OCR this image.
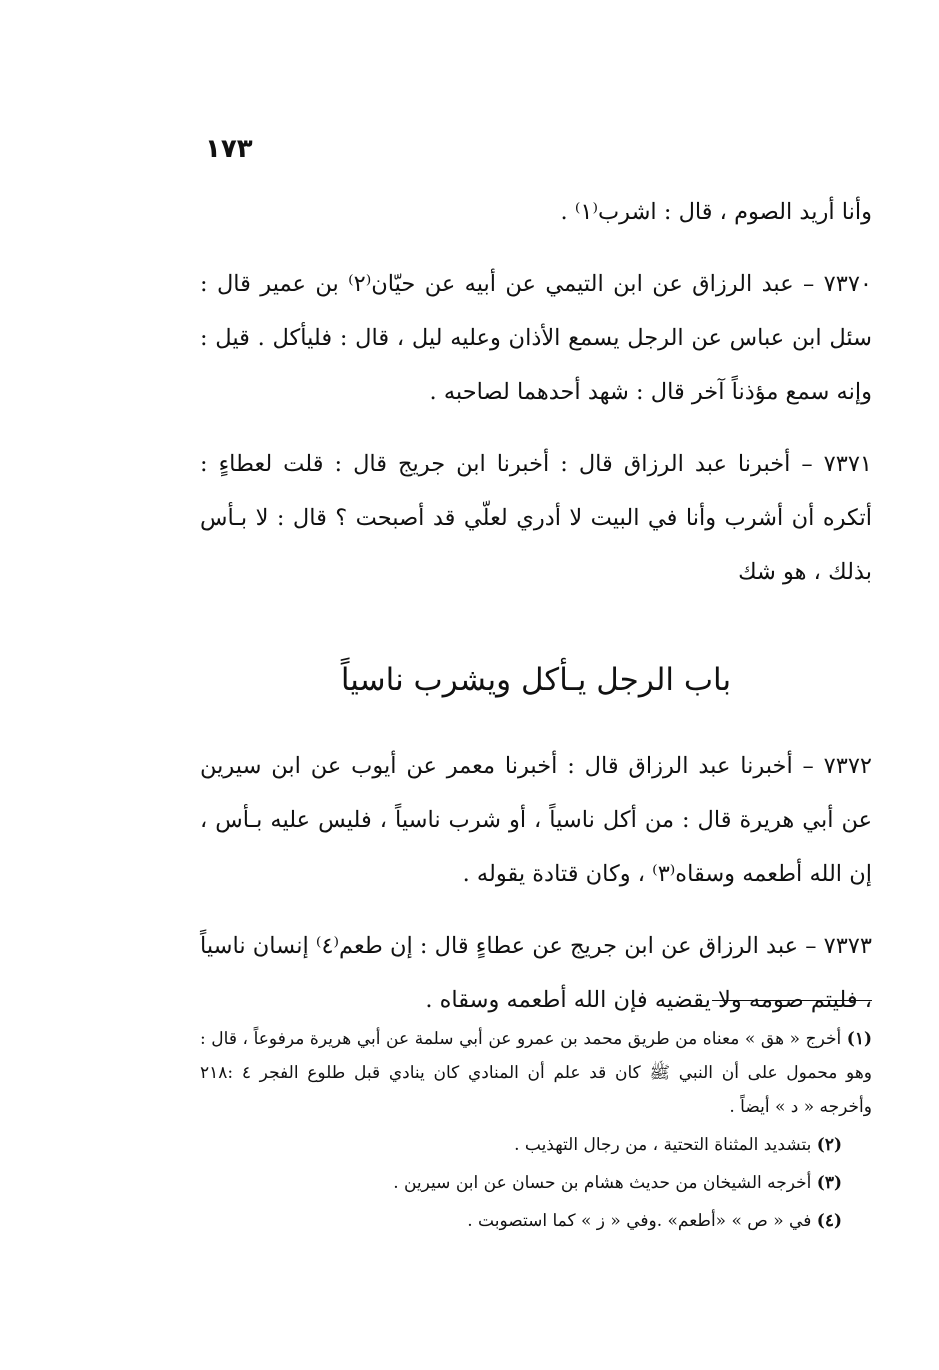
١٧٣

وأنا أريد الصوم ، قال : اشرب⁽١⁾ .

٧٣٧٠ – عبد الرزاق عن ابن التيمي عن أبيه عن حيّان⁽٢⁾ بن عمير قال : سئل ابن عباس عن الرجل يسمع الأذان وعليه ليل ، قال : فليأكل . قيل : وإنه سمع مؤذناً آخر قال : شهد أحدهما لصاحبه .

٧٣٧١ – أخبرنا عبد الرزاق قال : أخبرنا ابن جريج قال : قلت لعطاءٍ : أتكره أن أشرب وأنا في البيت لا أدري لعلّي قد أصبحت ؟ قال : لا بـأس بذلك ، هو شك

باب الرجل يـأكل ويشرب ناسياً

٧٣٧٢ – أخبرنا عبد الرزاق قال : أخبرنا معمر عن أيوب عن ابن سيرين عن أبي هريرة قال : من أكل ناسياً ، أو شرب ناسياً ، فليس عليه بـأس ، إن الله أطعمه وسقاه⁽٣⁾ ، وكان قتادة يقوله .

٧٣٧٣ – عبد الرزاق عن ابن جريج عن عطاءٍ قال : إن طعم⁽٤⁾ إنسان ناسياً ، فليتم صومه ولا يقضيه فإن الله أطعمه وسقاه .

(١) أخرج « هق » معناه من طريق محمد بن عمرو عن أبي سلمة عن أبي هريرة مرفوعاً ، قال : وهو محمول على أن النبي ﷺ كان قد علم أن المنادي كان ينادي قبل طلوع الفجر ٤ :٢١٨ وأخرجه « د » أيضاً .

(٢) بتشديد المثناة التحتية ، من رجال التهذيب .

(٣) أخرجه الشيخان من حديث هشام بن حسان عن ابن سيرين .

(٤) في « ص » «أطعم» .وفي « ز » كما استصوبت .
